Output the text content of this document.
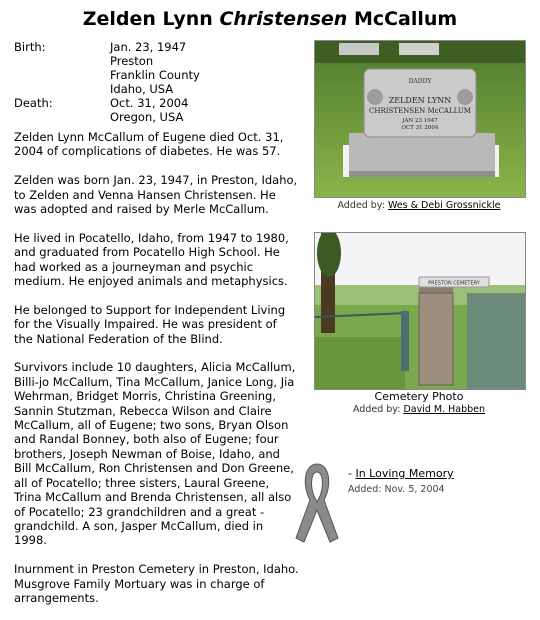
Zelden Lynn Christensen McCallum
Birth:	Jan. 23, 1947
Preston
Franklin County
Idaho, USA
Death:	Oct. 31, 2004
Oregon, USA

Zelden Lynn McCallum of Eugene died Oct. 31, 2004 of complications of diabetes. He was 57.

Zelden was born Jan. 23, 1947, in Preston, Idaho, to Zelden and Venna Hansen Christensen. He was adopted and raised by Merle McCallum.

He lived in Pocatello, Idaho, from 1947 to 1980, and graduated from Pocatello High School. He had worked as a journeyman and psychic medium. He enjoyed animals and metaphysics.

He belonged to Support for Independent Living for the Visually Impaired. He was president of the National Federation of the Blind.

Survivors include 10 daughters, Alicia McCallum, Billi-jo McCallum, Tina McCallum, Janice Long, Jia Wehrman, Bridget Morris, Christina Greening, Sannin Stutzman, Rebecca Wilson and Claire McCallum, all of Eugene; two sons, Bryan Olson and Randal Bonney, both also of Eugene; four brothers, Joseph Newman of Boise, Idaho, and Bill McCallum, Ron Christensen and Don Greene, all of Pocatello; three sisters, Laural Greene, Trina McCallum and Brenda Christensen, all also of Pocatello; 23 grandchildren and a great -grandchild. A son, Jasper McCallum, died in 1998.

Inurnment in Preston Cemetery in Preston, Idaho. Musgrove Family Mortuary was in charge of arrangements.

DADDY
ZELDEN LYNN
CHRISTENSEN McCALLUM
JAN 23 1947
OCT 31 2004
Added by: Wes & Debi Grossnickle
PRESTON CEMETERY
Cemetery Photo
Added by: David M. Habben
- In Loving Memory
Added: Nov. 5, 2004
